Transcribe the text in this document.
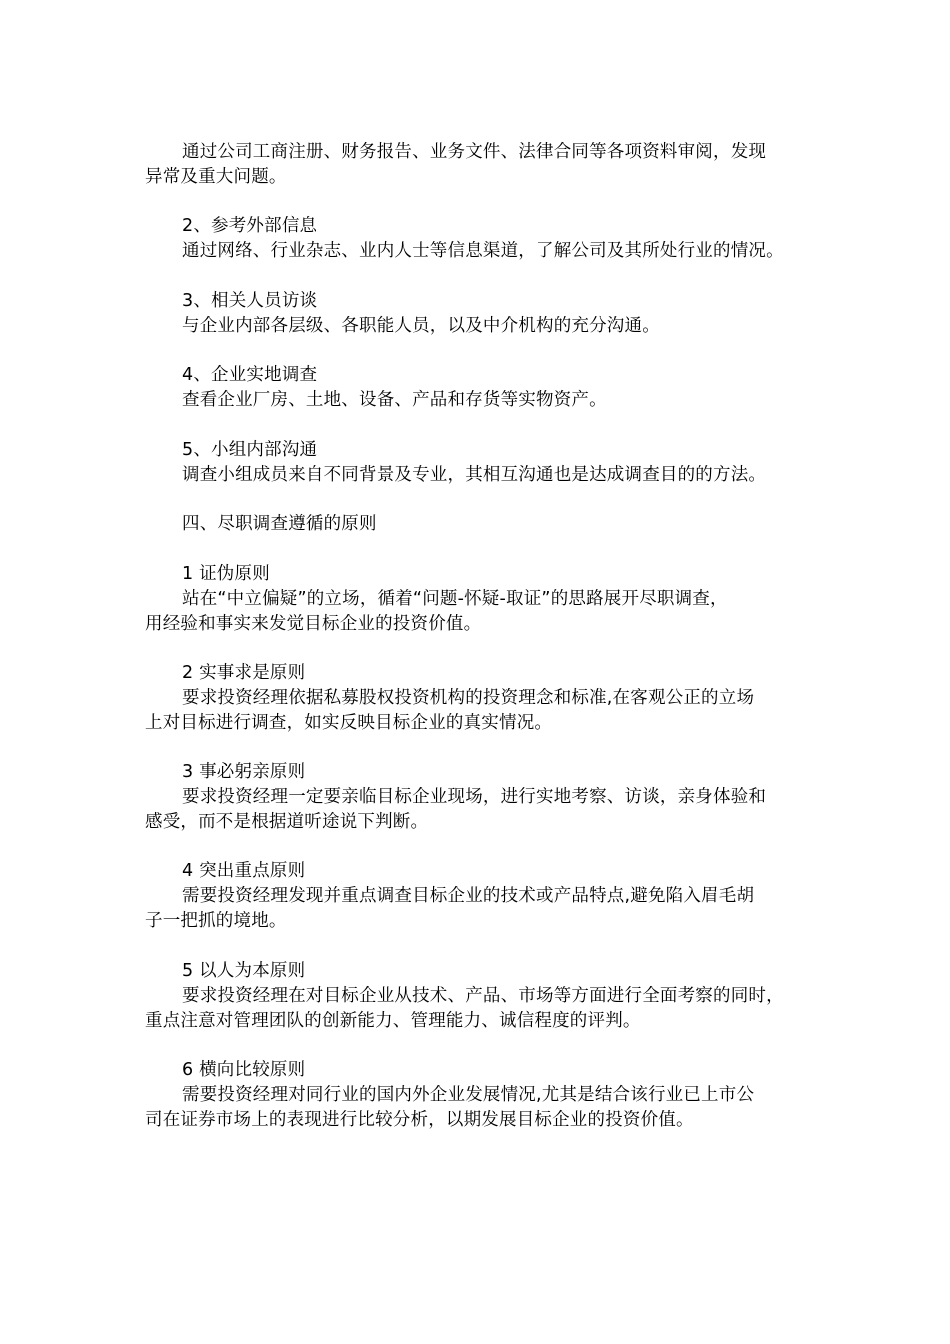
通过公司工商注册、财务报告、业务文件、法律合同等各项资料审阅，发现
异常及重大问题。
2、参考外部信息
通过网络、行业杂志、业内人士等信息渠道，了解公司及其所处行业的情况。
3、相关人员访谈
与企业内部各层级、各职能人员，以及中介机构的充分沟通。
4、企业实地调查
查看企业厂房、土地、设备、产品和存货等实物资产。
5、小组内部沟通
调查小组成员来自不同背景及专业，其相互沟通也是达成调查目的的方法。
四、尽职调查遵循的原则
1 证伪原则
站在“中立偏疑”的立场，循着“问题-怀疑-取证”的思路展开尽职调查，
用经验和事实来发觉目标企业的投资价值。
2 实事求是原则
要求投资经理依据私募股权投资机构的投资理念和标准,在客观公正的立场
上对目标进行调查，如实反映目标企业的真实情况。
3 事必躬亲原则
要求投资经理一定要亲临目标企业现场，进行实地考察、访谈，亲身体验和
感受，而不是根据道听途说下判断。
4 突出重点原则
需要投资经理发现并重点调查目标企业的技术或产品特点,避免陷入眉毛胡
子一把抓的境地。
5 以人为本原则
要求投资经理在对目标企业从技术、产品、市场等方面进行全面考察的同时，
重点注意对管理团队的创新能力、管理能力、诚信程度的评判。
6 横向比较原则
需要投资经理对同行业的国内外企业发展情况,尤其是结合该行业已上市公
司在证券市场上的表现进行比较分析，以期发展目标企业的投资价值。
